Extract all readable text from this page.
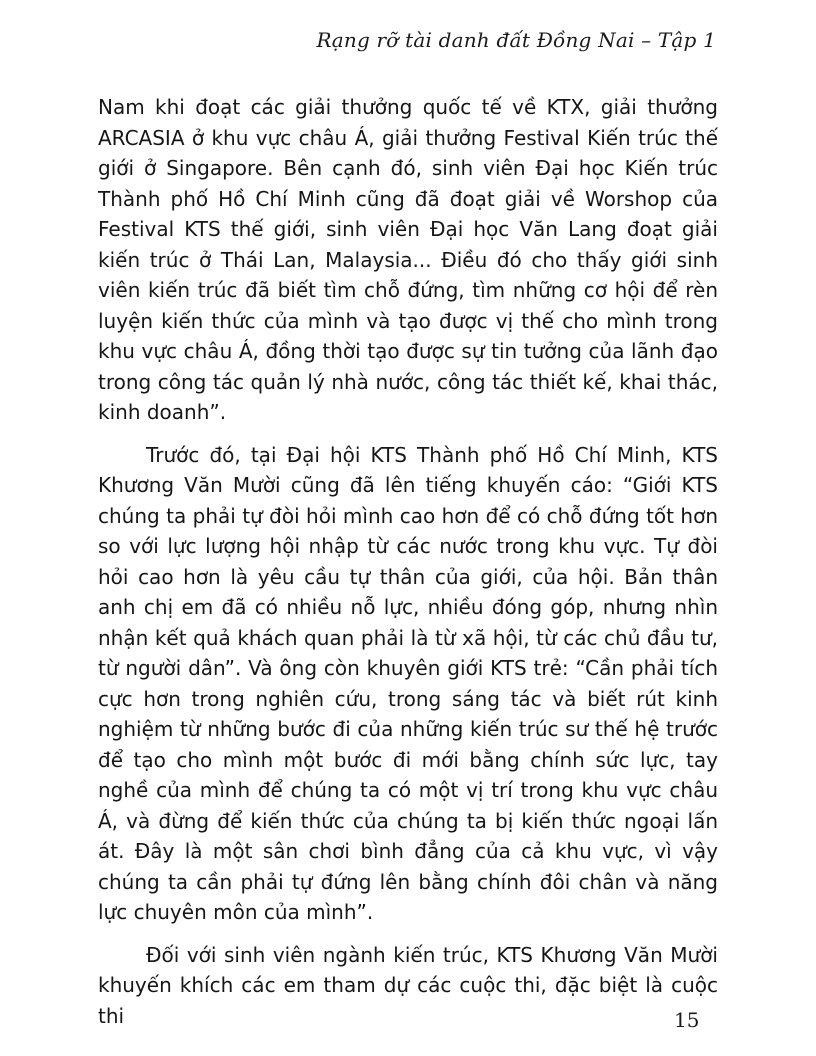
Rạng rỡ tài danh đất Đồng Nai – Tập 1

Nam khi đoạt các giải thưởng quốc tế về KTX, giải thưởng ARCASIA ở khu vực châu Á, giải thưởng Festival Kiến trúc thế giới ở Singapore. Bên cạnh đó, sinh viên Đại học Kiến trúc Thành phố Hồ Chí Minh cũng đã đoạt giải về Worshop của Festival KTS thế giới, sinh viên Đại học Văn Lang đoạt giải kiến trúc ở Thái Lan, Malaysia... Điều đó cho thấy giới sinh viên kiến trúc đã biết tìm chỗ đứng, tìm những cơ hội để rèn luyện kiến thức của mình và tạo được vị thế cho mình trong khu vực châu Á, đồng thời tạo được sự tin tưởng của lãnh đạo trong công tác quản lý nhà nước, công tác thiết kế, khai thác, kinh doanh”.

Trước đó, tại Đại hội KTS Thành phố Hồ Chí Minh, KTS Khương Văn Mười cũng đã lên tiếng khuyến cáo: “Giới KTS chúng ta phải tự đòi hỏi mình cao hơn để có chỗ đứng tốt hơn so với lực lượng hội nhập từ các nước trong khu vực. Tự đòi hỏi cao hơn là yêu cầu tự thân của giới, của hội. Bản thân anh chị em đã có nhiều nỗ lực, nhiều đóng góp, nhưng nhìn nhận kết quả khách quan phải là từ xã hội, từ các chủ đầu tư, từ người dân”. Và ông còn khuyên giới KTS trẻ: “Cần phải tích cực hơn trong nghiên cứu, trong sáng tác và biết rút kinh nghiệm từ những bước đi của những kiến trúc sư thế hệ trước để tạo cho mình một bước đi mới bằng chính sức lực, tay nghề của mình để chúng ta có một vị trí trong khu vực châu Á, và đừng để kiến thức của chúng ta bị kiến thức ngoại lấn át. Đây là một sân chơi bình đẳng của cả khu vực, vì vậy chúng ta cần phải tự đứng lên bằng chính đôi chân và năng lực chuyên môn của mình”.

Đối với sinh viên ngành kiến trúc, KTS Khương Văn Mười khuyến khích các em tham dự các cuộc thi, đặc biệt là cuộc thi	15
